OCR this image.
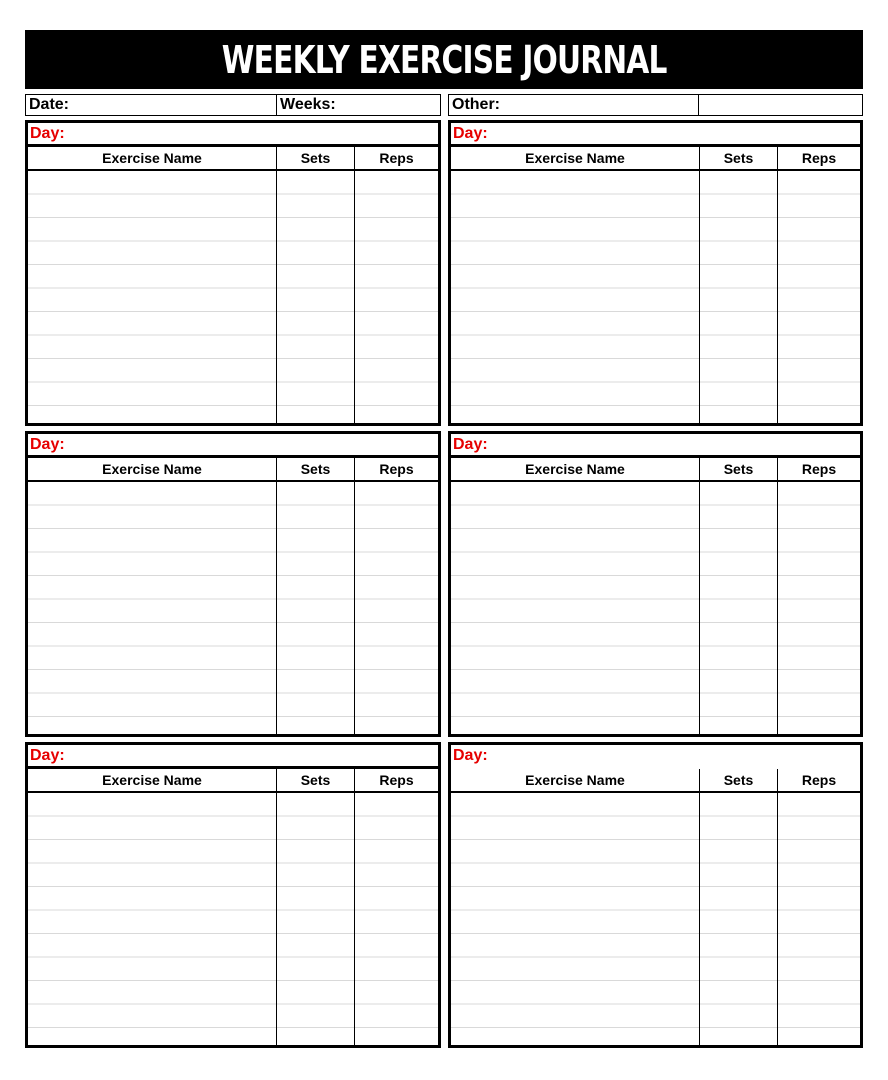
WEEKLY EXERCISE JOURNAL
Date:	Weeks:	Other:
Day:
Exercise Name	Sets	Reps
Day:
Exercise Name	Sets	Reps
Day:
Exercise Name	Sets	Reps
Day:
Exercise Name	Sets	Reps
Day:
Exercise Name	Sets	Reps
Day:
Exercise Name	Sets	Reps
